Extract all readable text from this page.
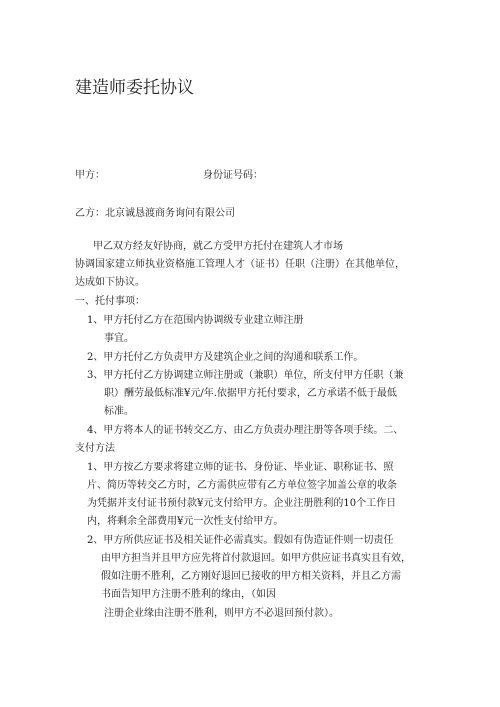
建造师委托协议
甲方：	身份证号码：
乙方：北京诚恳渡商务询问有限公司
甲乙双方经友好协商，就乙方受甲方托付在建筑人才市场
协调国家建立师执业资格施工管理人才（证书）任职（注册）在其他单位，
达成如下协议。
一、托付事项：
1、甲方托付乙方在范围内协调级专业建立师注册
事宜。
2、甲方托付乙方负责甲方及建筑企业之间的沟通和联系工作。
3、甲方托付乙方协调建立师注册或（兼职）单位，所支付甲方任职（兼
职）酬劳最低标准¥元/年.依据甲方托付要求，乙方承诺不低于最低
标准。
4、甲方将本人的证书转交乙方、由乙方负责办理注册等各项手续。二、
支付方法
1、甲方按乙方要求将建立师的证书、身份证、毕业证、职称证书、照
片、简历等转交乙方时，乙方需供应带有乙方单位签字加盖公章的收条
为凭据并支付证书预付款¥元支付给甲方。企业注册胜利的10个工作日
内，将剩余全部费用¥元一次性支付给甲方。
2、甲方所供应证书及相关证件必需真实。假如有伪造证件则一切责任
由甲方担当并且甲方应先将首付款退回。如甲方供应证书真实且有效，
假如注册不胜利，乙方刚好退回已接收的甲方相关资料，并且乙方需
书面告知甲方注册不胜利的缘由，（如因
注册企业缘由注册不胜利，则甲方不必退回预付款）。
